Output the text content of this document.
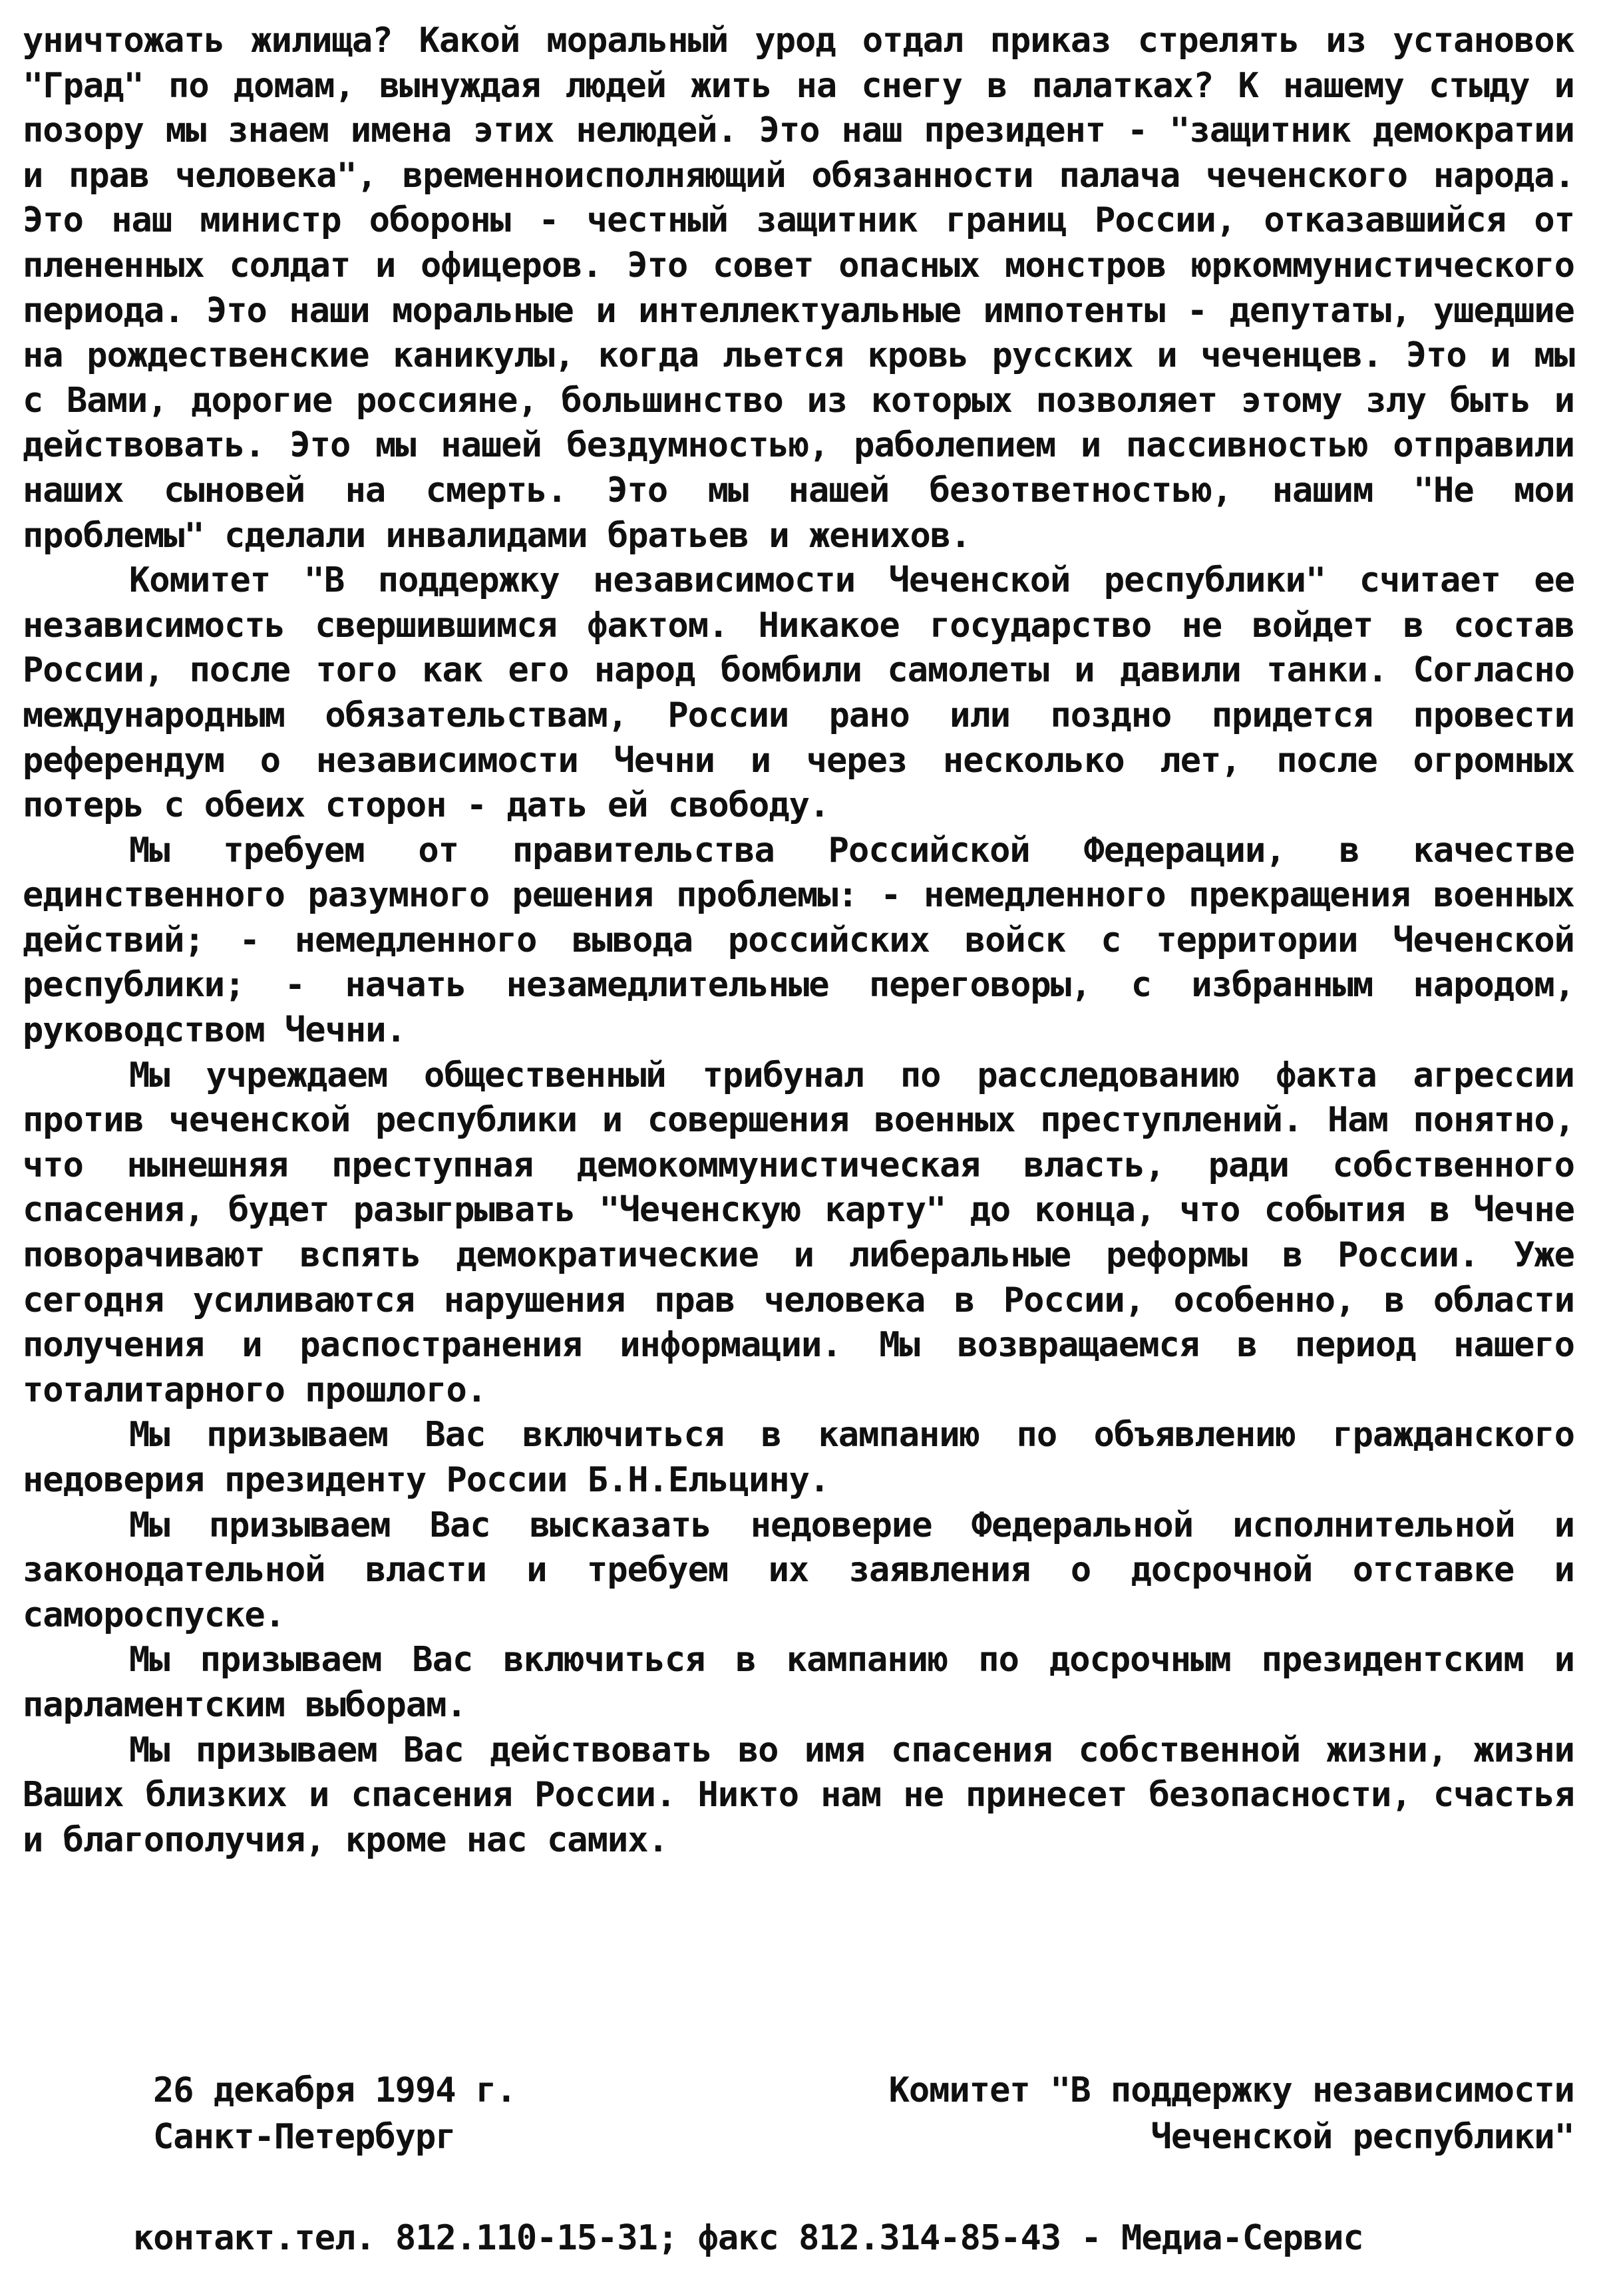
уничтожать жилища? Какой моральный урод отдал приказ стрелять из установок "Град" по домам, вынуждая людей жить на снегу в палатках? К нашему стыду и позору мы знаем имена этих нелюдей. Это наш президент - "защитник демократии и прав человека", временноисполняющий обязанности палача чеченского народа. Это наш министр обороны - честный защитник границ России, отказавшийся от плененных солдат и офицеров. Это совет опасных монстров юркоммунистического периода. Это наши моральные и интеллектуальные импотенты - депутаты, ушедшие на рождественские каникулы, когда льется кровь русских и чеченцев. Это и мы с Вами, дорогие россияне, большинство из которых позволяет этому злу быть и действовать. Это мы нашей бездумностью, раболепием и пассивностью отправили наших сыновей на смерть. Это мы нашей безответностью, нашим "Не мои проблемы" сделали инвалидами братьев и женихов.

Комитет "В поддержку независимости Чеченской республики" считает ее независимость свершившимся фактом. Никакое государство не войдет в состав России, после того как его народ бомбили самолеты и давили танки. Согласно международным обязательствам, России рано или поздно придется провести референдум о независимости Чечни и через несколько лет, после огромных потерь с обеих сторон - дать ей свободу.

Мы требуем от правительства Российской Федерации, в качестве единственного разумного решения проблемы: - немедленного прекращения военных действий; - немедленного вывода российских войск с территории Чеченской республики; - начать незамедлительные переговоры, с избранным народом, руководством Чечни.

Мы учреждаем общественный трибунал по расследованию факта агрессии против чеченской республики и совершения военных преступлений. Нам понятно, что нынешняя преступная демокоммунистическая власть, ради собственного спасения, будет разыгрывать "Чеченскую карту" до конца, что события в Чечне поворачивают вспять демократические и либеральные реформы в России. Уже сегодня усиливаются нарушения прав человека в России, особенно, в области получения и распостранения информации. Мы возвращаемся в период нашего тоталитарного прошлого.

Мы призываем Вас включиться в кампанию по объявлению гражданского недоверия президенту России Б.Н.Ельцину.

Мы призываем Вас высказать недоверие Федеральной исполнительной и законодательной власти и требуем их заявления о досрочной отставке и самороспуске.

Мы призываем Вас включиться в кампанию по досрочным президентским и парламентским выборам.

Мы призываем Вас действовать во имя спасения собственной жизни, жизни Ваших близких и спасения России. Никто нам не принесет безопасности, счастья и благополучия, кроме нас самих.

26 декабря 1994 г.
Санкт-Петербург
Комитет "В поддержку независимости
Чеченской республики"
контакт.тел. 812.110-15-31; факс 812.314-85-43 - Медиа-Сервис
